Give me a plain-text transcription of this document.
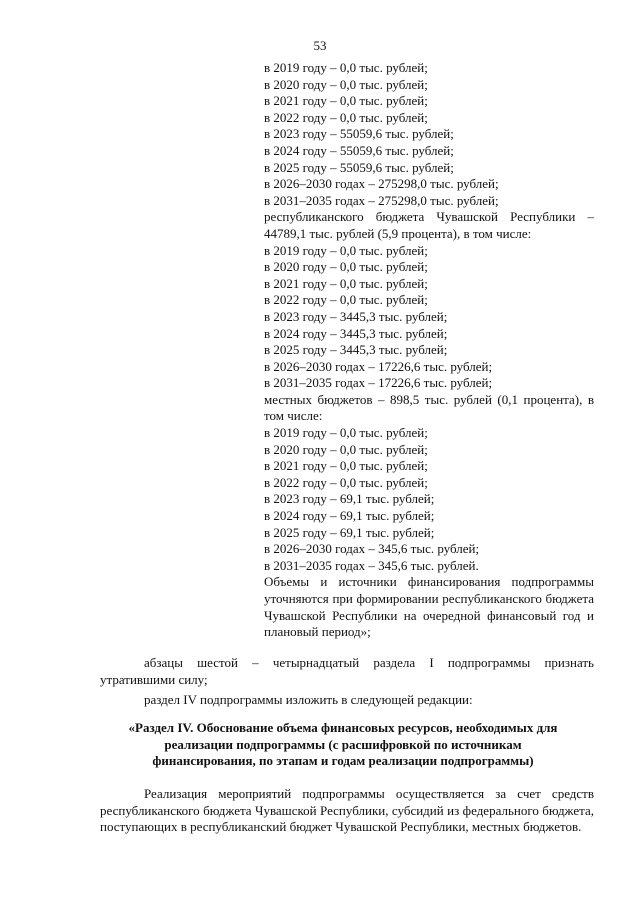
53
в 2019 году – 0,0 тыс. рублей;
в 2020 году – 0,0 тыс. рублей;
в 2021 году – 0,0 тыс. рублей;
в 2022 году – 0,0 тыс. рублей;
в 2023 году – 55059,6 тыс. рублей;
в 2024 году – 55059,6 тыс. рублей;
в 2025 году – 55059,6 тыс. рублей;
в 2026–2030 годах – 275298,0 тыс. рублей;
в 2031–2035 годах – 275298,0 тыс. рублей;
республиканского бюджета Чувашской Республики – 44789,1 тыс. рублей (5,9 процента), в том числе:
в 2019 году – 0,0 тыс. рублей;
в 2020 году – 0,0 тыс. рублей;
в 2021 году – 0,0 тыс. рублей;
в 2022 году – 0,0 тыс. рублей;
в 2023 году – 3445,3 тыс. рублей;
в 2024 году – 3445,3 тыс. рублей;
в 2025 году – 3445,3 тыс. рублей;
в 2026–2030 годах – 17226,6 тыс. рублей;
в 2031–2035 годах – 17226,6 тыс. рублей;
местных бюджетов – 898,5 тыс. рублей (0,1 процента), в том числе:
в 2019 году – 0,0 тыс. рублей;
в 2020 году – 0,0 тыс. рублей;
в 2021 году – 0,0 тыс. рублей;
в 2022 году – 0,0 тыс. рублей;
в 2023 году – 69,1 тыс. рублей;
в 2024 году – 69,1 тыс. рублей;
в 2025 году – 69,1 тыс. рублей;
в 2026–2030 годах – 345,6 тыс. рублей;
в 2031–2035 годах – 345,6 тыс. рублей.
Объемы и источники финансирования подпрограммы уточняются при формировании республиканского бюджета Чувашской Республики на очередной финансовый год и плановый период»;
абзацы шестой – четырнадцатый раздела I подпрограммы признать утратившими силу;
раздел IV подпрограммы изложить в следующей редакции:
«Раздел IV. Обоснование объема финансовых ресурсов, необходимых для реализации подпрограммы (с расшифровкой по источникам финансирования, по этапам и годам реализации подпрограммы)
Реализация мероприятий подпрограммы осуществляется за счет средств республиканского бюджета Чувашской Республики, субсидий из федерального бюджета, поступающих в республиканский бюджет Чувашской Республики, местных бюджетов.
